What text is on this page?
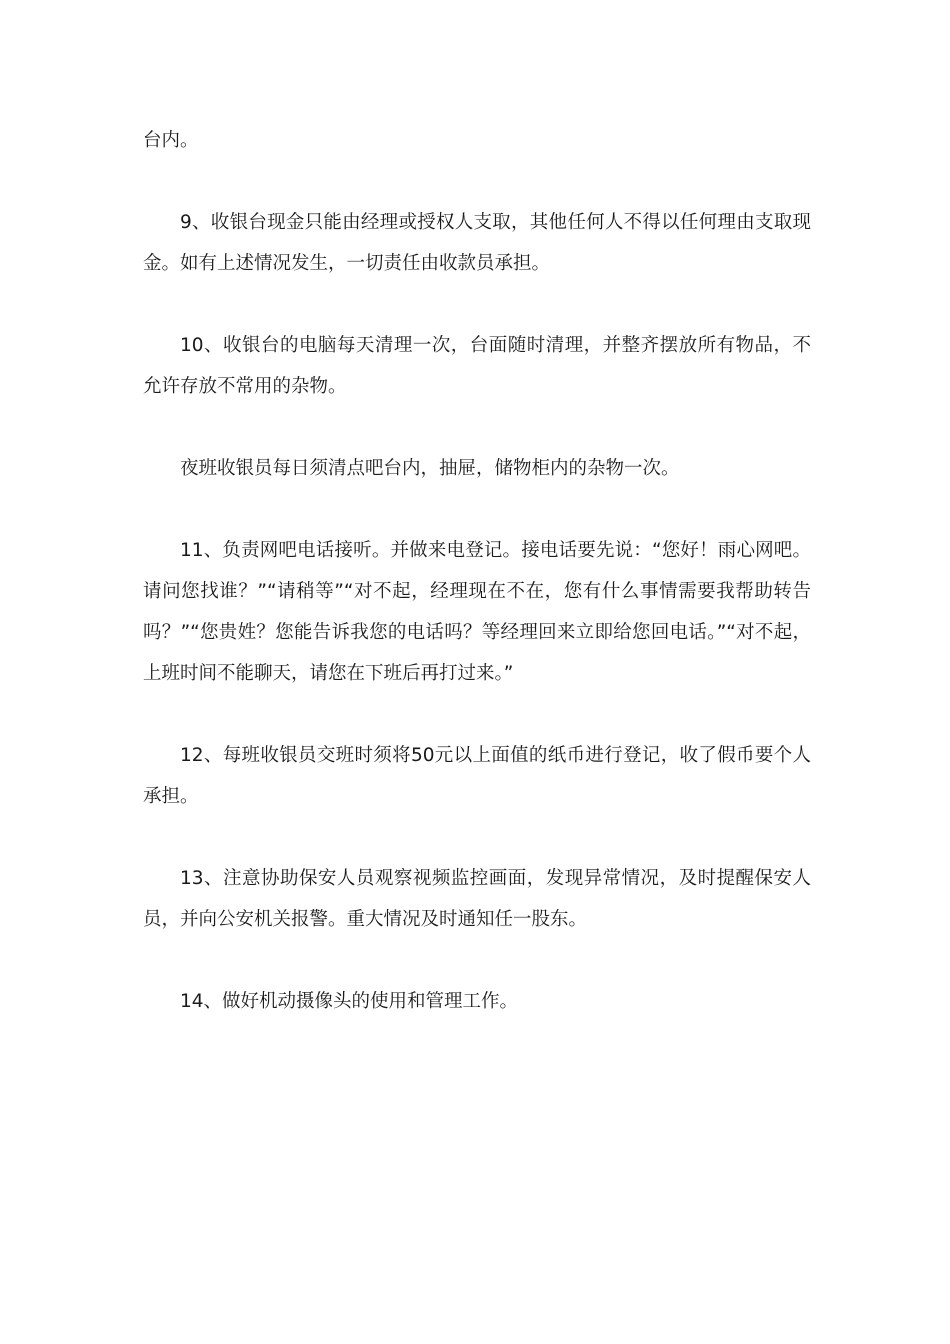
台内。

9、收银台现金只能由经理或授权人支取，其他任何人不得以任何理由支取现金。如有上述情况发生，一切责任由收款员承担。

10、收银台的电脑每天清理一次，台面随时清理，并整齐摆放所有物品，不允许存放不常用的杂物。

夜班收银员每日须清点吧台内，抽屉，储物柜内的杂物一次。

11、负责网吧电话接听。并做来电登记。接电话要先说：“您好！雨心网吧。请问您找谁？”“请稍等”“对不起，经理现在不在，您有什么事情需要我帮助转告吗？”“您贵姓？您能告诉我您的电话吗？等经理回来立即给您回电话。”“对不起，上班时间不能聊天，请您在下班后再打过来。”

12、每班收银员交班时须将50元以上面值的纸币进行登记，收了假币要个人承担。

13、注意协助保安人员观察视频监控画面，发现异常情况，及时提醒保安人员，并向公安机关报警。重大情况及时通知任一股东。

14、做好机动摄像头的使用和管理工作。
